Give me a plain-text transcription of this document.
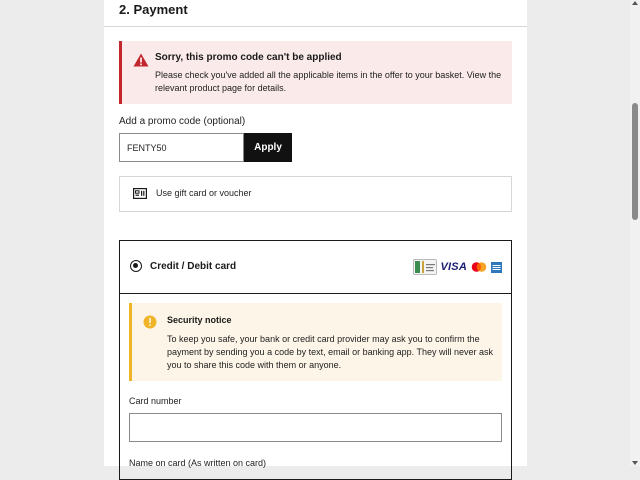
2. Payment
Sorry, this promo code can't be applied
Please check you've added all the applicable items in the offer to your basket. View the relevant product page for details.
Add a promo code (optional)
FENTY50
Apply
Use gift card or voucher
Credit / Debit card	VISA
Security notice
To keep you safe, your bank or credit card provider may ask you to confirm the payment by sending you a code by text, email or banking app. They will never ask you to share this code with them or anyone.
Card number
Name on card (As written on card)
